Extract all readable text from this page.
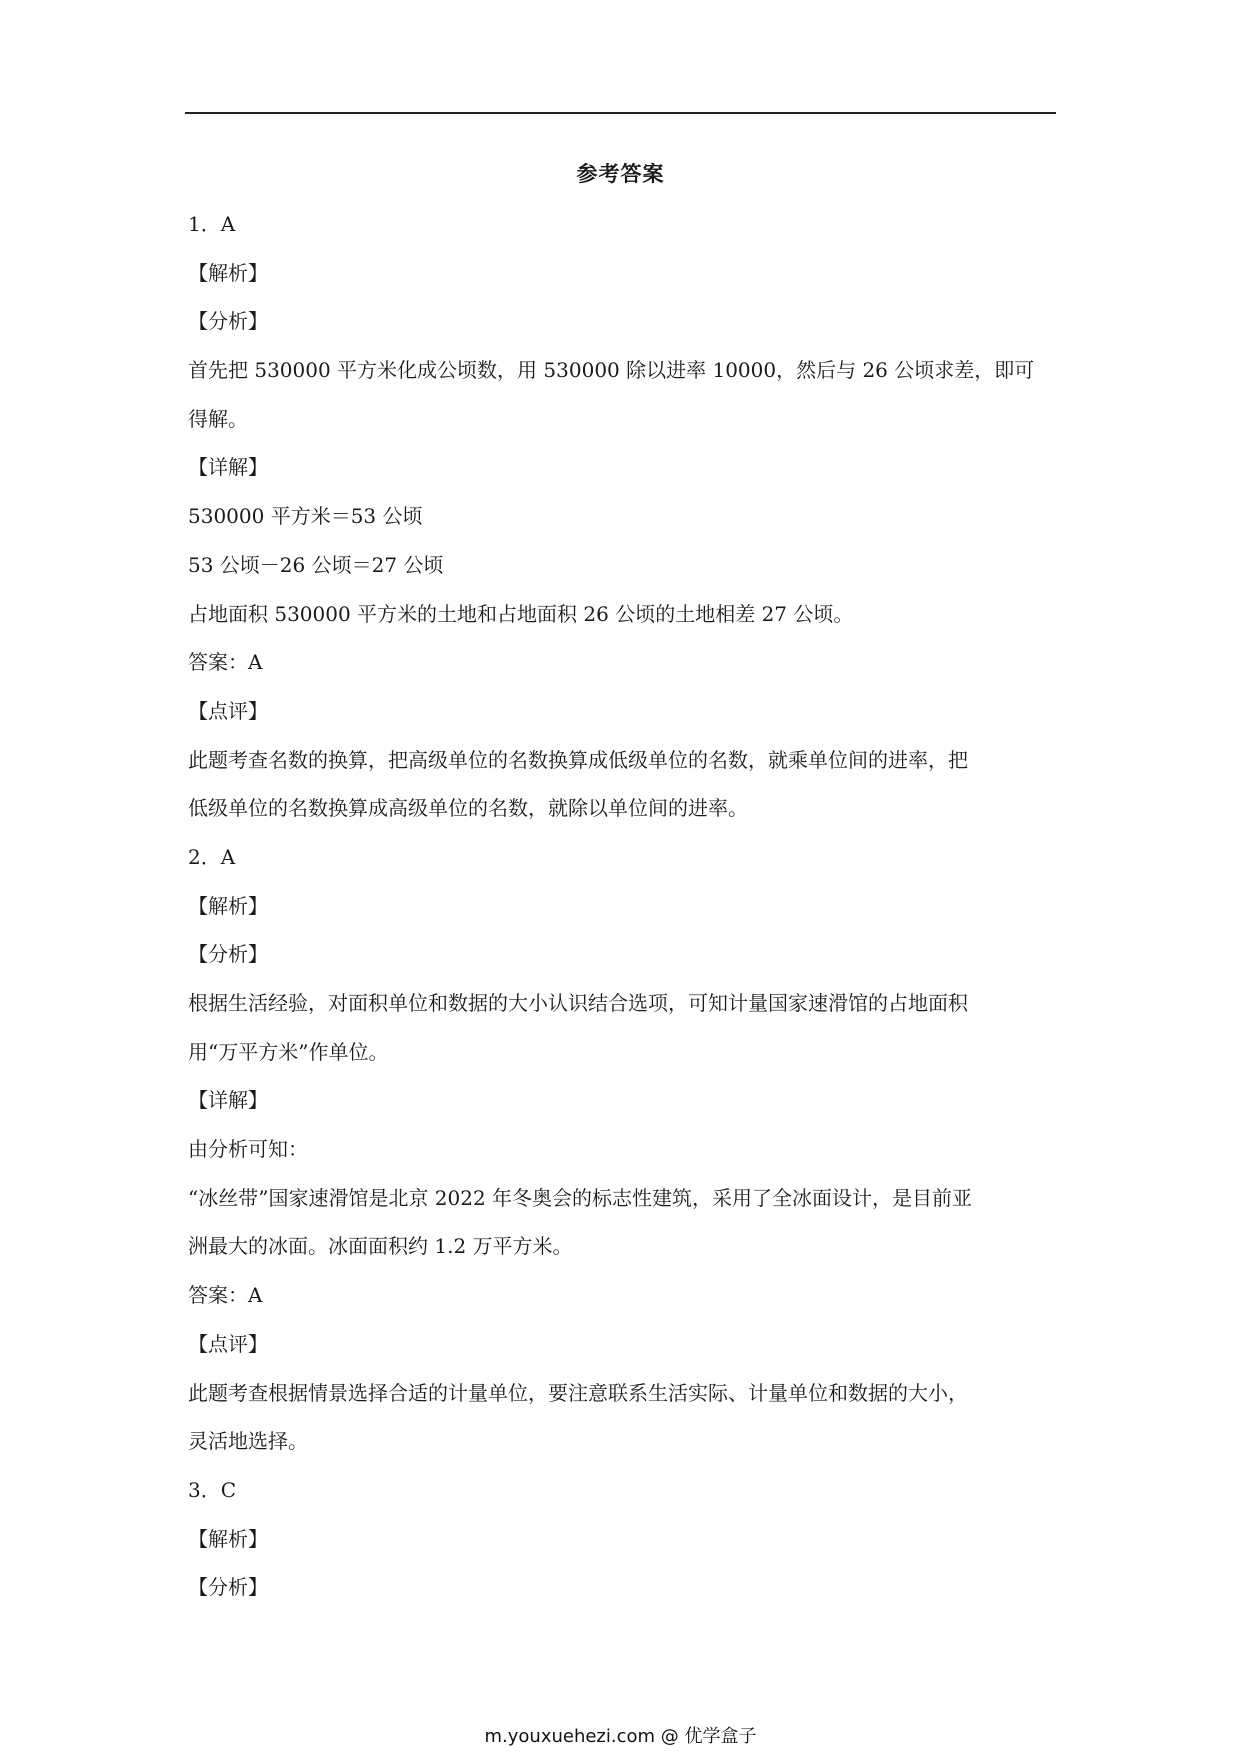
参考答案
1．A
【解析】
【分析】
首先把 530000 平方米化成公顷数，用 530000 除以进率 10000，然后与 26 公顷求差，即可
得解。
【详解】
530000 平方米＝53 公顷
53 公顷－26 公顷＝27 公顷
占地面积 530000 平方米的土地和占地面积 26 公顷的土地相差 27 公顷。
答案：A
【点评】
此题考查名数的换算，把高级单位的名数换算成低级单位的名数，就乘单位间的进率，把
低级单位的名数换算成高级单位的名数，就除以单位间的进率。
2．A
【解析】
【分析】
根据生活经验，对面积单位和数据的大小认识结合选项，可知计量国家速滑馆的占地面积
用“万平方米”作单位。
【详解】
由分析可知：
“冰丝带”国家速滑馆是北京 2022 年冬奥会的标志性建筑，采用了全冰面设计，是目前亚
洲最大的冰面。冰面面积约 1.2 万平方米。
答案：A
【点评】
此题考查根据情景选择合适的计量单位，要注意联系生活实际、计量单位和数据的大小，
灵活地选择。
3．C
【解析】
【分析】
m.youxuehezi.com @ 优学盒子
